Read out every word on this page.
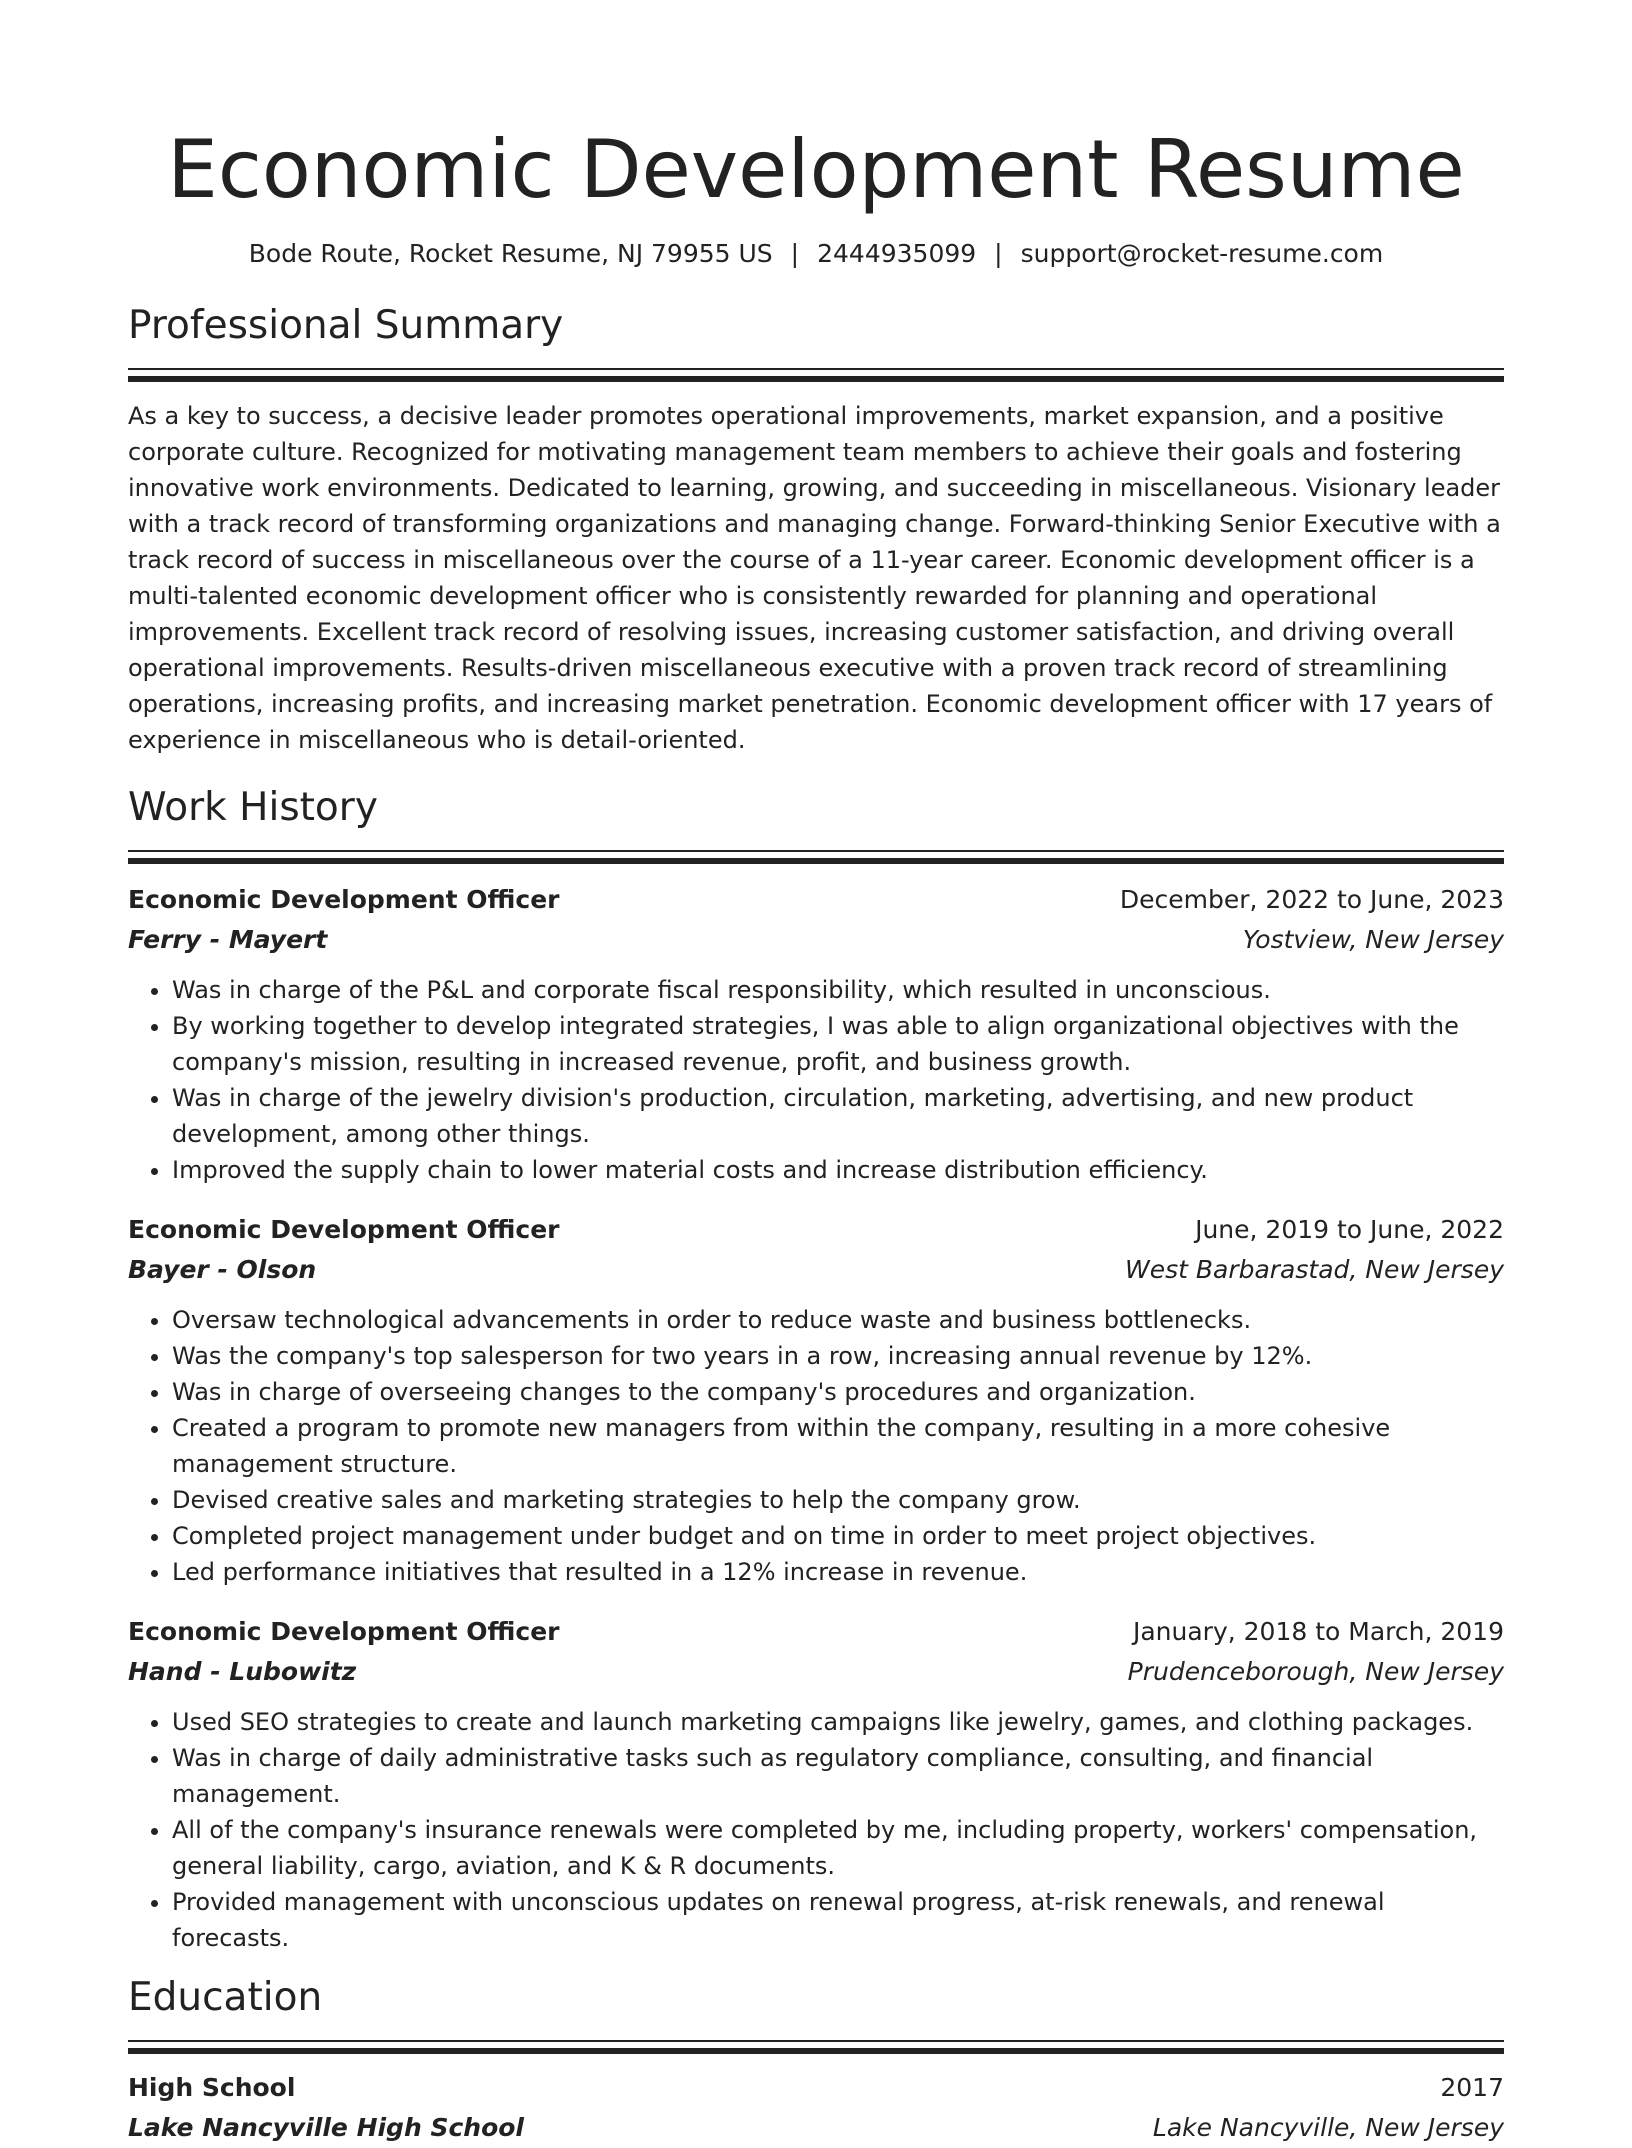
Economic Development Resume
Bode Route, Rocket Resume, NJ 79955 US | 2444935099 | support@rocket-resume.com
Professional Summary

As a key to success, a decisive leader promotes operational improvements, market expansion, and a positive corporate culture. Recognized for motivating management team members to achieve their goals and fostering innovative work environments. Dedicated to learning, growing, and succeeding in miscellaneous. Visionary leader with a track record of transforming organizations and managing change. Forward-thinking Senior Executive with a track record of success in miscellaneous over the course of a 11-year career. Economic development officer is a multi-talented economic development officer who is consistently rewarded for planning and operational improvements. Excellent track record of resolving issues, increasing customer satisfaction, and driving overall operational improvements. Results-driven miscellaneous executive with a proven track record of streamlining operations, increasing profits, and increasing market penetration. Economic development officer with 17 years of experience in miscellaneous who is detail-oriented.

Work History
Economic Development Officer	December, 2022 to June, 2023
Ferry - Mayert	Yostview, New Jersey
• Was in charge of the P&L and corporate fiscal responsibility, which resulted in unconscious.
• By working together to develop integrated strategies, I was able to align organizational objectives with the company's mission, resulting in increased revenue, profit, and business growth.
• Was in charge of the jewelry division's production, circulation, marketing, advertising, and new product development, among other things.
• Improved the supply chain to lower material costs and increase distribution efficiency.
Economic Development Officer	June, 2019 to June, 2022
Bayer - Olson	West Barbarastad, New Jersey
• Oversaw technological advancements in order to reduce waste and business bottlenecks.
• Was the company's top salesperson for two years in a row, increasing annual revenue by 12%.
• Was in charge of overseeing changes to the company's procedures and organization.
• Created a program to promote new managers from within the company, resulting in a more cohesive management structure.
• Devised creative sales and marketing strategies to help the company grow.
• Completed project management under budget and on time in order to meet project objectives.
• Led performance initiatives that resulted in a 12% increase in revenue.
Economic Development Officer	January, 2018 to March, 2019
Hand - Lubowitz	Prudenceborough, New Jersey
• Used SEO strategies to create and launch marketing campaigns like jewelry, games, and clothing packages.
• Was in charge of daily administrative tasks such as regulatory compliance, consulting, and financial management.
• All of the company's insurance renewals were completed by me, including property, workers' compensation, general liability, cargo, aviation, and K & R documents.
• Provided management with unconscious updates on renewal progress, at-risk renewals, and renewal forecasts.
Education
High School	2017
Lake Nancyville High School	Lake Nancyville, New Jersey
